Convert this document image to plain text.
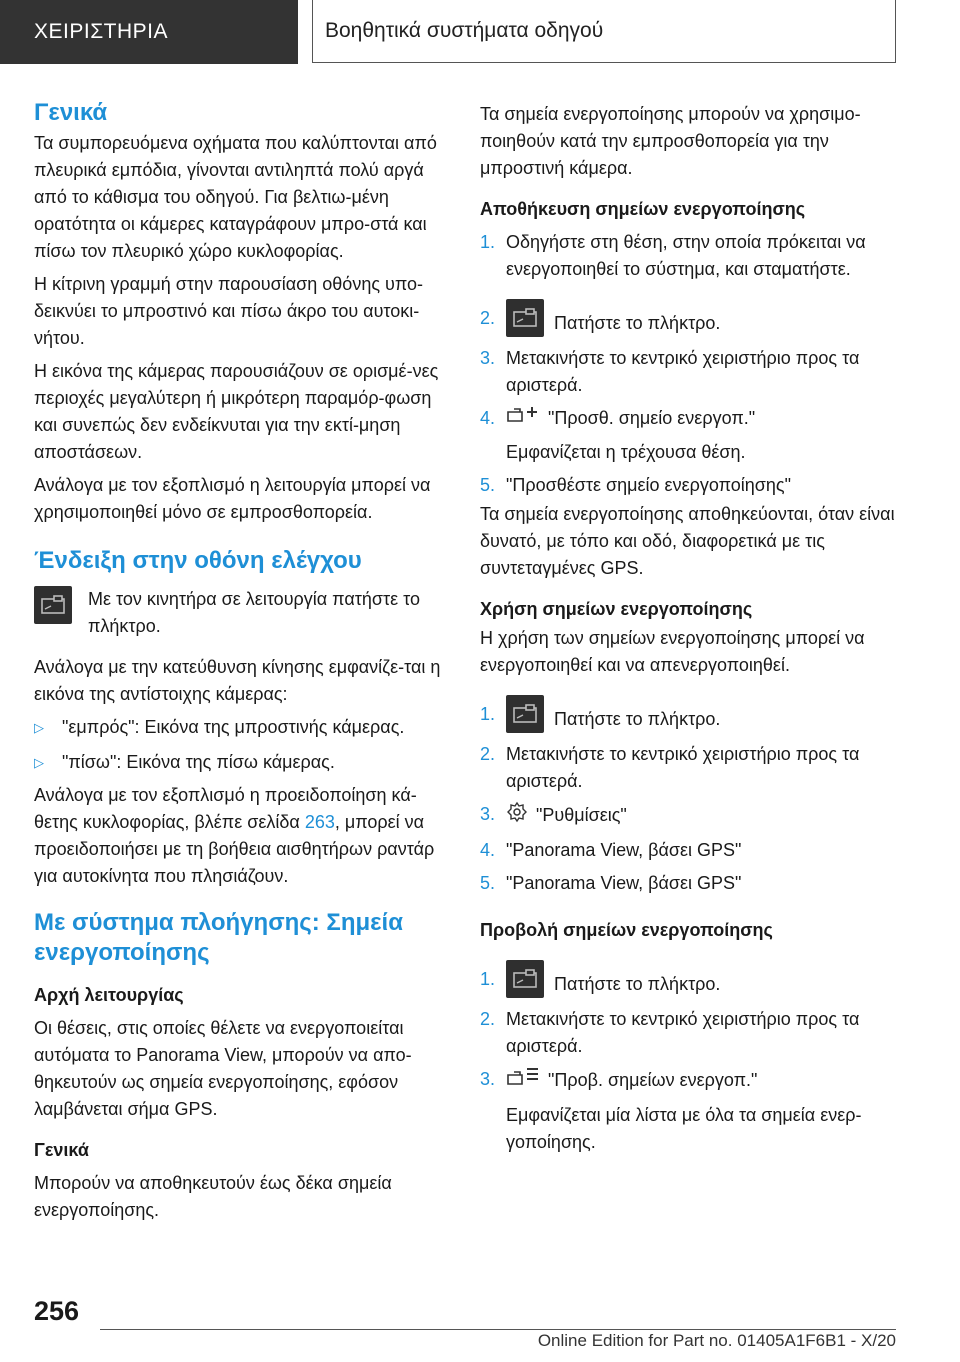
ΧΕΙΡΙΣΤΗΡΙΑ	Βοηθητικά συστήματα οδηγού
Γενικά

Τα συμπορευόμενα οχήματα που καλύπτονται από πλευρικά εμπόδια, γίνονται αντιληπτά πολύ αργά από το κάθισμα του οδηγού. Για βελτιω-μένη ορατότητα οι κάμερες καταγράφουν μπρο-στά και πίσω τον πλευρικό χώρο κυκλοφορίας.

Η κίτρινη γραμμή στην παρουσίαση οθόνης υπο-δεικνύει το μπροστινό και πίσω άκρο του αυτοκι-νήτου.

Η εικόνα της κάμερας παρουσιάζουν σε ορισμέ-νες περιοχές μεγαλύτερη ή μικρότερη παραμόρ-φωση και συνεπώς δεν ενδείκνυται για την εκτί-μηση αποστάσεων.

Ανάλογα με τον εξοπλισμό η λειτουργία μπορεί να χρησιμοποιηθεί μόνο σε εμπροσθοπορεία.

Ένδειξη στην οθόνη ελέγχου

Με τον κινητήρα σε λειτουργία πατήστε το πλήκτρο.

Ανάλογα με την κατεύθυνση κίνησης εμφανίζε-ται η εικόνα της αντίστοιχης κάμερας:

▷	"εμπρός": Εικόνα της μπροστινής κάμερας.
▷	"πίσω": Εικόνα της πίσω κάμερας.

Ανάλογα με τον εξοπλισμό η προειδοποίηση κά-θετης κυκλοφορίας, βλέπε σελίδα 263, μπορεί να προειδοποιήσει με τη βοήθεια αισθητήρων ραντάρ για αυτοκίνητα που πλησιάζουν.

Με σύστημα πλοήγησης: Σημεία ενεργοποίησης
Αρχή λειτουργίας

Οι θέσεις, στις οποίες θέλετε να ενεργοποιείται αυτόματα το Panorama View, μπορούν να απο-θηκευτούν ως σημεία ενεργοποίησης, εφόσον λαμβάνεται σήμα GPS.

Γενικά

Μπορούν να αποθηκευτούν έως δέκα σημεία ενεργοποίησης.

Τα σημεία ενεργοποίησης μπορούν να χρησιμο-ποιηθούν κατά την εμπροσθοπορεία για την μπροστινή κάμερα.

Αποθήκευση σημείων ενεργοποίησης
1. Οδηγήστε στη θέση, στην οποία πρόκειται να ενεργοποιηθεί το σύστημα, και σταματήστε.
2.	Πατήστε το πλήκτρο.
3. Μετακινήστε το κεντρικό χειριστήριο προς τα αριστερά.
4.	"Προσθ. σημείο ενεργοπ."
Εμφανίζεται η τρέχουσα θέση.
5. "Προσθέστε σημείο ενεργοποίησης"

Τα σημεία ενεργοποίησης αποθηκεύονται, όταν είναι δυνατό, με τόπο και οδό, διαφορετικά με τις συντεταγμένες GPS.

Χρήση σημείων ενεργοποίησης

Η χρήση των σημείων ενεργοποίησης μπορεί να ενεργοποιηθεί και να απενεργοποιηθεί.

1.	Πατήστε το πλήκτρο.
2. Μετακινήστε το κεντρικό χειριστήριο προς τα αριστερά.
3.	"Ρυθμίσεις"
4. "Panorama View, βάσει GPS"
5. "Panorama View, βάσει GPS"
Προβολή σημείων ενεργοποίησης
1.	Πατήστε το πλήκτρο.
2. Μετακινήστε το κεντρικό χειριστήριο προς τα αριστερά.
3.	"Προβ. σημείων ενεργοπ."
Εμφανίζεται μία λίστα με όλα τα σημεία ενερ-γοποίησης.
256
Online Edition for Part no. 01405A1F6B1 - X/20
